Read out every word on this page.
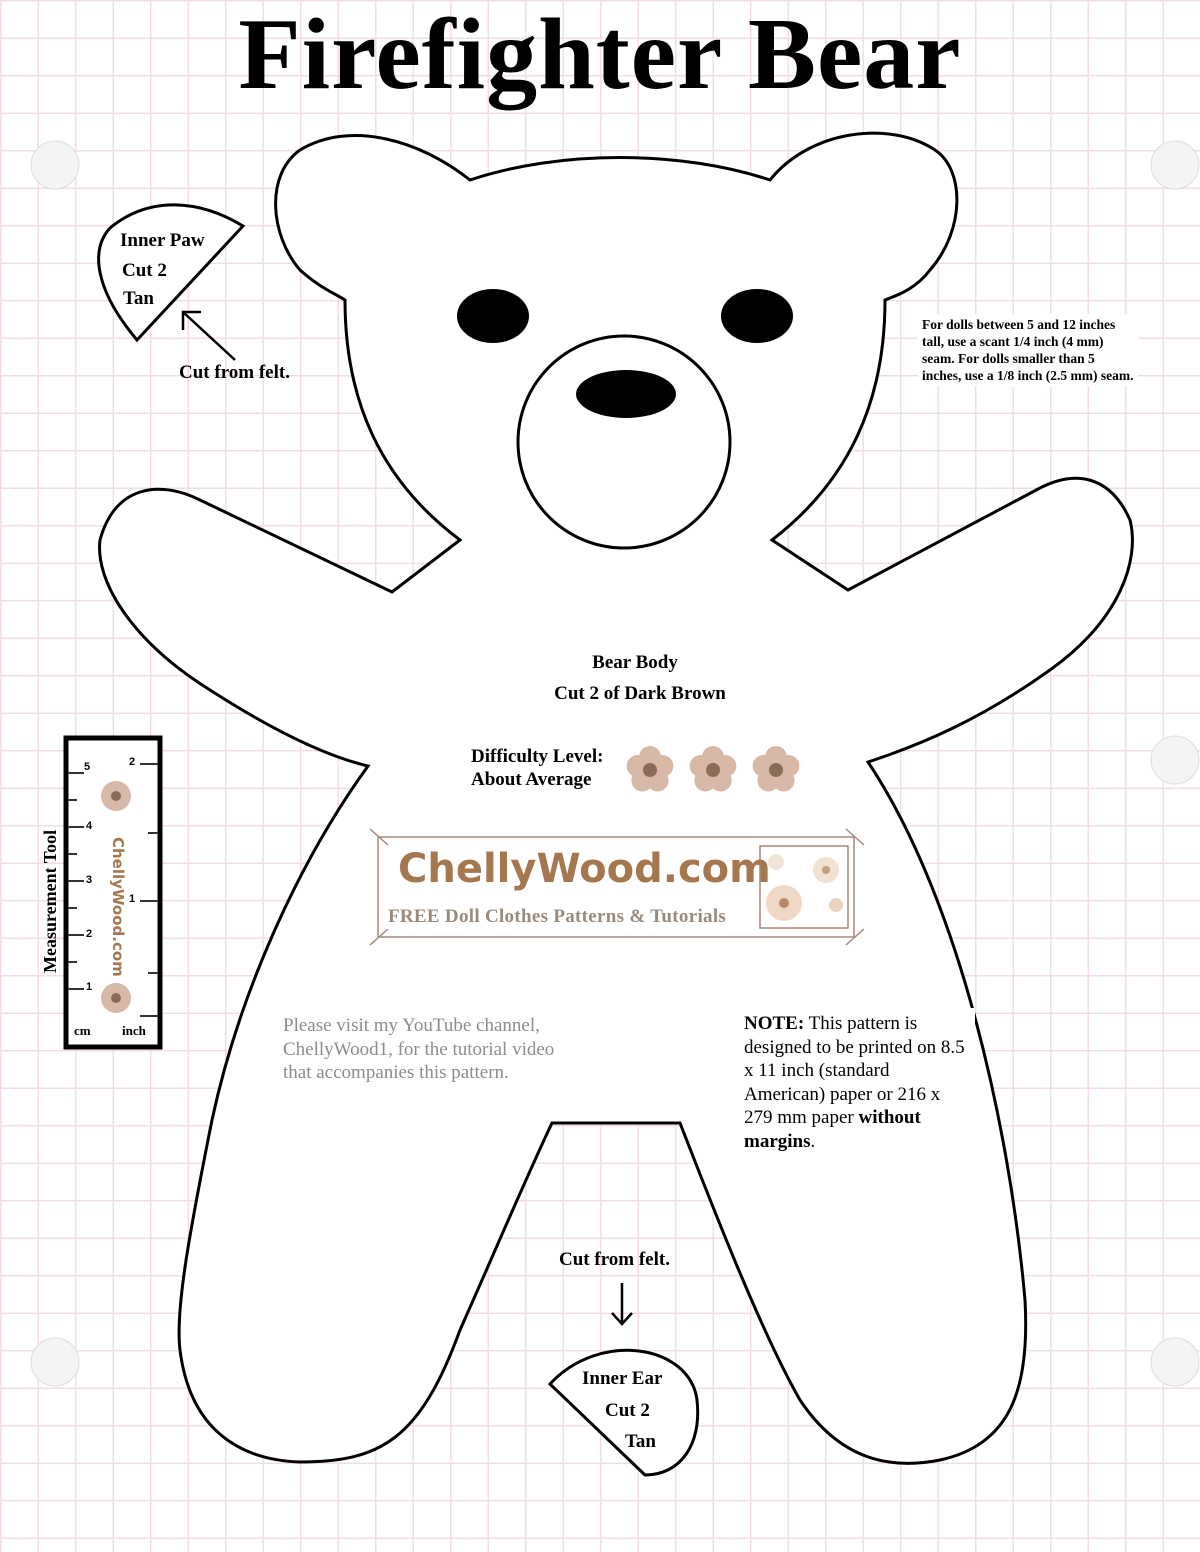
Firefighter Bear
Inner Paw
Cut 2
Tan
Cut from felt.
For dolls between 5 and 12 inches tall, use a scant 1/4 inch (4 mm) seam. For dolls smaller than 5 inches, use a 1/8 inch (2.5 mm) seam.
Bear Body
Cut 2 of Dark Brown
Difficulty Level:
About Average
ChellyWood.com
FREE Doll Clothes Patterns & Tutorials
Measurement Tool	ChellyWood.com
cm inch
1
2
3
4
5
1
2
Please visit my YouTube channel, ChellyWood1, for the tutorial video that accompanies this pattern.
NOTE: This pattern is designed to be printed on 8.5 x 11 inch (standard American) paper or 216 x 279 mm paper without margins.
Cut from felt.
Inner Ear
Cut 2
Tan
